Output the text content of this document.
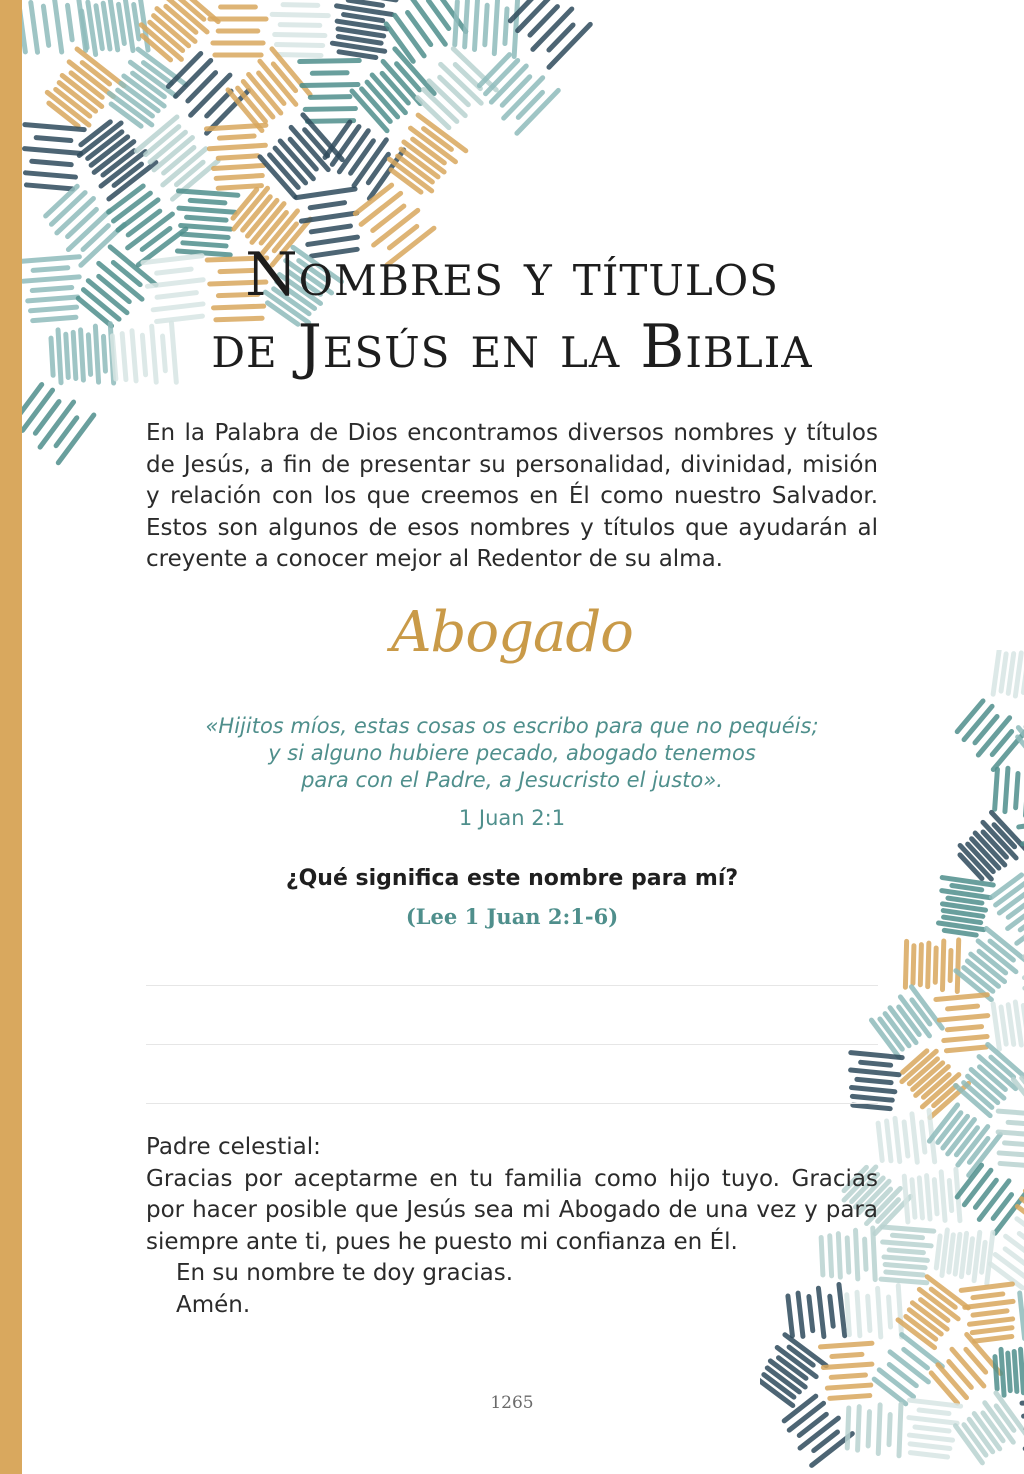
Nombres y títulos
de Jesús en la Biblia
En la Palabra de Dios encontramos diversos nombres y títulos de Jesús, a fin de presentar su personalidad, divinidad, misión y relación con los que creemos en Él como nuestro Salvador. Estos son algunos de esos nombres y títulos que ayudarán al creyente a conocer mejor al Redentor de su alma.
Abogado
«Hijitos míos, estas cosas os escribo para que no pequéis;
y si alguno hubiere pecado, abogado tenemos
para con el Padre, a Jesucristo el justo».
1 Juan 2:1
¿Qué significa este nombre para mí?
(Lee 1 Juan 2:1-6)

Padre celestial:

Gracias por aceptarme en tu familia como hijo tuyo. Gracias por hacer posible que Jesús sea mi Abogado de una vez y para siempre ante ti, pues he puesto mi confianza en Él.

En su nombre te doy gracias.

Amén.

1265
